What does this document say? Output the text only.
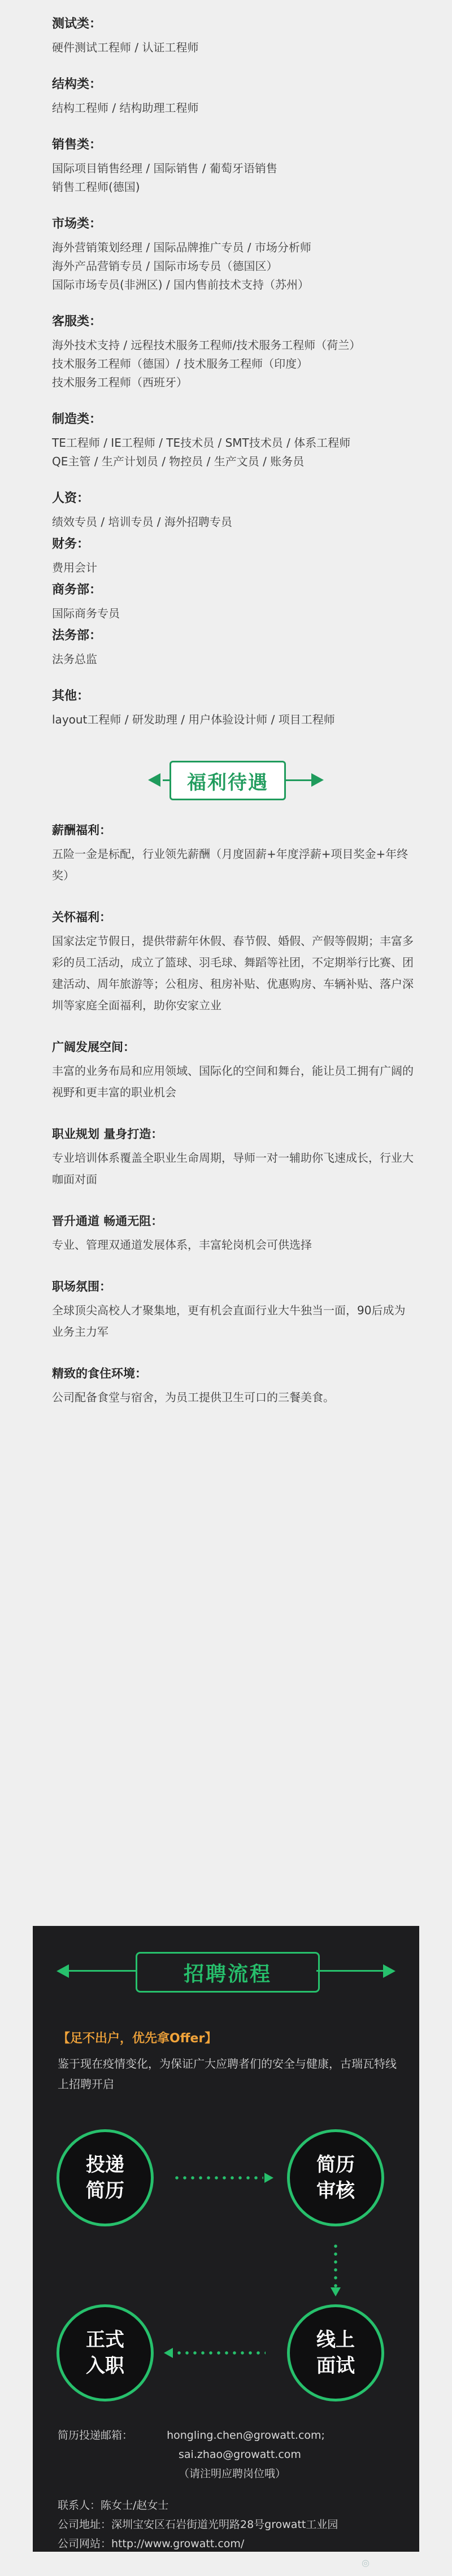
测试类：
硬件测试工程师 / 认证工程师
结构类：
结构工程师 / 结构助理工程师
销售类：
国际项目销售经理 / 国际销售 / 葡萄牙语销售
销售工程师(德国)
市场类：
海外营销策划经理 / 国际品牌推广专员 / 市场分析师
海外产品营销专员 / 国际市场专员（德国区）
国际市场专员(非洲区) / 国内售前技术支持（苏州）
客服类：
海外技术支持 / 远程技术服务工程师/技术服务工程师（荷兰）
技术服务工程师（德国）/ 技术服务工程师（印度）
技术服务工程师（西班牙）
制造类：
TE工程师 / IE工程师 / TE技术员 / SMT技术员 / 体系工程师
QE主管 / 生产计划员 / 物控员 / 生产文员 / 账务员
人资：
绩效专员 / 培训专员 / 海外招聘专员
财务：
费用会计
商务部：
国际商务专员
法务部：
法务总监
其他：
layout工程师 / 研发助理 / 用户体验设计师 / 项目工程师
福利待遇
薪酬福利：
五险一金是标配，行业领先薪酬（月度固薪+年度浮薪+项目奖金+年终奖）
关怀福利：
国家法定节假日，提供带薪年休假、春节假、婚假、产假等假期；丰富多彩的员工活动，成立了篮球、羽毛球、舞蹈等社团，不定期举行比赛、团建活动、周年旅游等；公租房、租房补贴、优惠购房、车辆补贴、落户深圳等家庭全面福利，助你安家立业
广阔发展空间：
丰富的业务布局和应用领域、国际化的空间和舞台，能让员工拥有广阔的视野和更丰富的职业机会
职业规划 量身打造：
专业培训体系覆盖全职业生命周期，导师一对一辅助你飞速成长，行业大咖面对面
晋升通道 畅通无阻：
专业、管理双通道发展体系，丰富轮岗机会可供选择
职场氛围：
全球顶尖高校人才聚集地，更有机会直面行业大牛独当一面，90后成为业务主力军
精致的食住环境：
公司配备食堂与宿舍，为员工提供卫生可口的三餐美食。
招聘流程
【足不出户，优先拿Offer】
鉴于现在疫情变化，为保证广大应聘者们的安全与健康，古瑞瓦特线上招聘开启
投递简历
简历审核
线上面试
正式入职
简历投递邮箱：	hongling.chen@growatt.com;
sai.zhao@growatt.com
（请注明应聘岗位哦）
联系人：陈女士/赵女士
公司地址：深圳宝安区石岩街道光明路28号growatt工业园
公司网站：http://www.growatt.com/
◎
